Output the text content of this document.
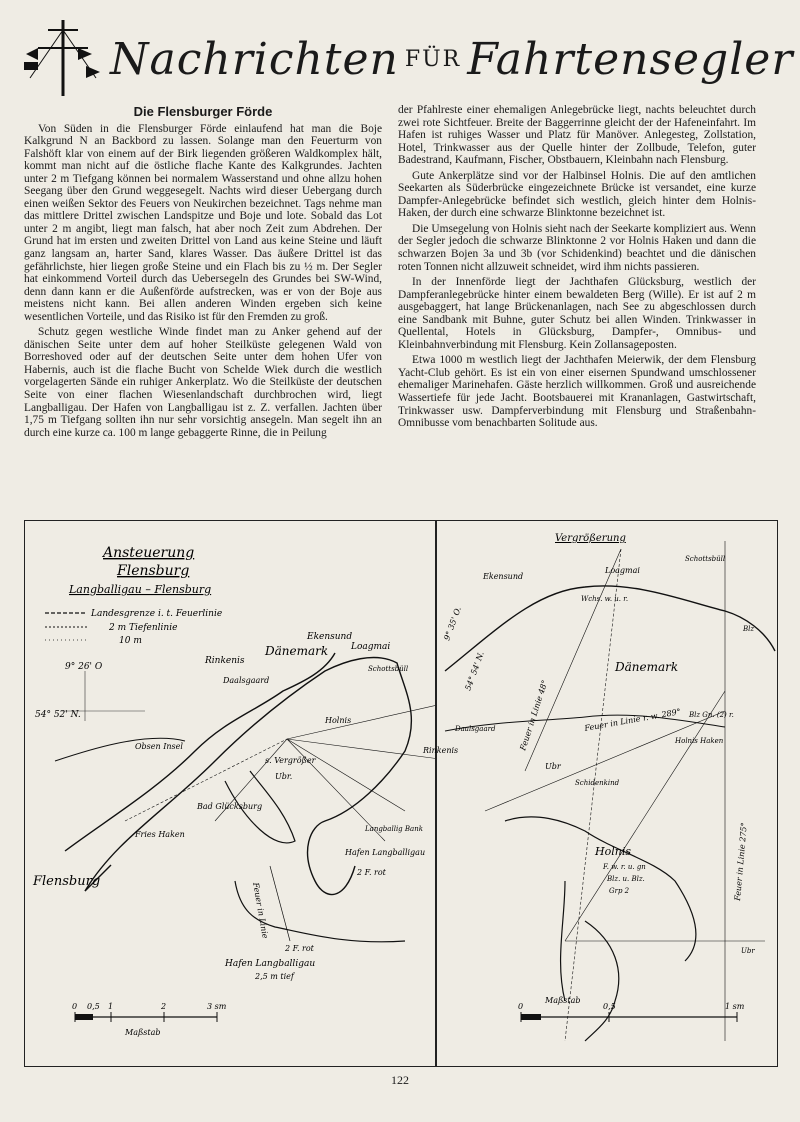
Nachrichten FÜR Fahrtensegler
Die Flensburger Förde

Von Süden in die Flensburger Förde einlaufend hat man die Boje Kalkgrund N an Backbord zu lassen. Solange man den Feuerturm von Falshöft klar von einem auf der Birk liegenden größeren Waldkomplex hält, kommt man nicht auf die östliche flache Kante des Kalkgrundes. Jachten unter 2 m Tiefgang können bei normalem Wasserstand und ohne allzu hohen Seegang über den Grund weggesegelt. Nachts wird dieser Uebergang durch einen weißen Sektor des Feuers von Neukirchen bezeichnet. Tags nehme man das mittlere Drittel zwischen Landspitze und Boje und lote. Sobald das Lot unter 2 m angibt, liegt man falsch, hat aber noch Zeit zum Abdrehen. Der Grund hat im ersten und zweiten Drittel von Land aus keine Steine und läuft ganz langsam an, harter Sand, klares Wasser. Das äußere Drittel ist das gefährlichste, hier liegen große Steine und ein Flach bis zu ½ m. Der Segler hat einkommend Vorteil durch das Uebersegeln des Grundes bei SW-Wind, denn dann kann er die Außenförde aufstrecken, was er von der Boje aus meistens nicht kann. Bei allen anderen Winden ergeben sich keine wesentlichen Vorteile, und das Risiko ist für den Fremden zu groß.

Schutz gegen westliche Winde findet man zu Anker gehend auf der dänischen Seite unter dem auf hoher Steilküste gelegenen Wald von Borreshoved oder auf der deutschen Seite unter dem hohen Ufer von Habernis, auch ist die flache Bucht von Schelde Wiek durch die westlich vorgelagerten Sände ein ruhiger Ankerplatz. Wo die Steilküste der deutschen Seite von einer flachen Wiesenlandschaft durchbrochen wird, liegt Langballigau. Der Hafen von Langballigau ist z. Z. verfallen. Jachten über 1,75 m Tiefgang sollten ihn nur sehr vorsichtig ansegeln. Man segelt ihn an durch eine kurze ca. 100 m lange gebaggerte Rinne, die in Peilung

der Pfahlreste einer ehemaligen Anlegebrücke liegt, nachts beleuchtet durch zwei rote Sichtfeuer. Breite der Baggerrinne gleicht der der Hafeneinfahrt. Im Hafen ist ruhiges Wasser und Platz für Manöver. Anlegesteg, Zollstation, Hotel, Trinkwasser aus der Quelle hinter der Zollbude, Telefon, guter Badestrand, Kaufmann, Fischer, Obstbauern, Kleinbahn nach Flensburg.

Gute Ankerplätze sind vor der Halbinsel Holnis. Die auf den amtlichen Seekarten als Süderbrücke eingezeichnete Brücke ist versandet, eine kurze Dampfer-Anlegebrücke befindet sich westlich, gleich hinter dem Holnis-Haken, der durch eine schwarze Blinktonne bezeichnet ist.

Die Umsegelung von Holnis sieht nach der Seekarte kompliziert aus. Wenn der Segler jedoch die schwarze Blinktonne 2 vor Holnis Haken und dann die schwarzen Bojen 3a und 3b (vor Schidenkind) beachtet und die dänischen roten Tonnen nicht allzuweit schneidet, wird ihm nichts passieren.

In der Innenförde liegt der Jachthafen Glücksburg, westlich der Dampferanlegebrücke hinter einem bewaldeten Berg (Wille). Er ist auf 2 m ausgebaggert, hat lange Brückenanlagen, nach See zu abgeschlossen durch eine Sandbank mit Buhne, guter Schutz bei allen Winden. Trinkwasser in Quellental, Hotels in Glücksburg, Dampfer-, Omnibus- und Kleinbahnverbindung mit Flensburg. Kein Zollansageposten.

Etwa 1000 m westlich liegt der Jachthafen Meierwik, der dem Flensburg Yacht-Club gehört. Es ist ein von einer eisernen Spundwand umschlossener ehemaliger Marinehafen. Gäste herzlich willkommen. Groß und ausreichende Wassertiefe für jede Jacht. Bootsbauerei mit Krananlagen, Gastwirtschaft, Trinkwasser usw. Dampferverbindung mit Flensburg und Straßenbahn-Omnibusse vom benachbarten Solitude aus.

Ansteuerung
Flensburg
Langballigau – Flensburg
Landesgrenze i. t. Feuerlinie
2 m Tiefenlinie
10 m
9° 26' O
54° 52' N.
Ekensund
Dänemark	Loagmai
Schottsbüll
Rinkenis
Daalsgaard
Holnis
Obsen Insel
s. Vergrößer
Ubr.
Bad Glücksburg
Fries Haken
Flensburg
Langballig Bank
Hafen Langballigau
2 F. rot
Feuer in Linie
2 F. rot
Hafen Langballigau
2,5 m tief
0 0,5 1	2	3 sm
Maßstab
Vergrößerung
Ekensund
Loagmai
Schottsbüll
Wchs. w. u. r.
Blz
Dänemark
Feuer in Linie 48°
54° 54' N.
9° 35' O.
Feuer in Linie r. w. 289° Blz Gn. (2) r.
Rinkenis
Daalsgaard
Ubr
Schidenkind
Holnis Haken
Holnis
F. w. r. u. gn
Blz. u. Blz.
Grp 2	Feuer in Linie 275°
Ubr
0	0,5	1 sm
Maßstab
122
